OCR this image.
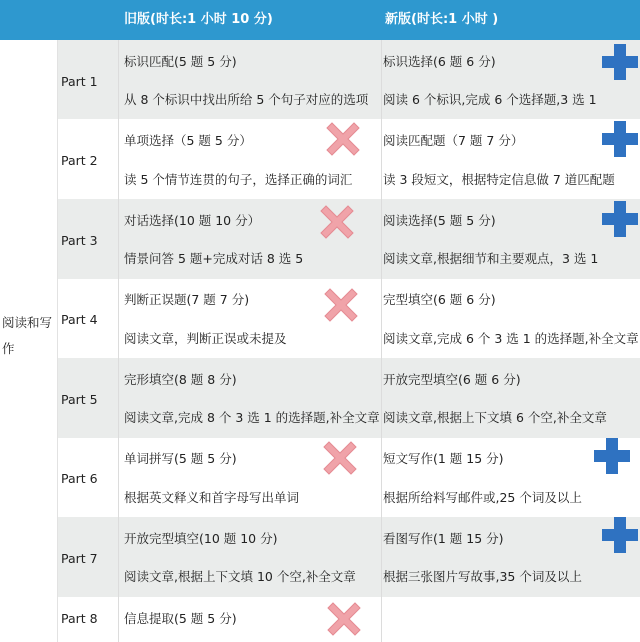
旧版(时长:1 小时 10 分)	新版(时长:1 小时 )
阅读和写作
Part 1
标识匹配(5 题 5 分)
从 8 个标识中找出所给 5 个句子对应的选项
标识选择(6 题 6 分)
阅读 6 个标识,完成 6 个选择题,3 选 1
Part 2
单项选择（5 题 5 分）
读 5 个情节连贯的句子，选择正确的词汇
阅读匹配题（7 题 7 分）
读 3 段短文，根据特定信息做 7 道匹配题
Part 3
对话选择(10 题 10 分）
情景问答 5 题+完成对话 8 选 5
阅读选择(5 题 5 分)
阅读文章,根据细节和主要观点，3 选 1
Part 4
判断正误题(7 题 7 分)
阅读文章，判断正误或未提及
完型填空(6 题 6 分)
阅读文章,完成 6 个 3 选 1 的选择题,补全文章
Part 5
完形填空(8 题 8 分)
阅读文章,完成 8 个 3 选 1 的选择题,补全文章
开放完型填空(6 题 6 分)
阅读文章,根据上下文填 6 个空,补全文章
Part 6
单词拼写(5 题 5 分)
根据英文释义和首字母写出单词
短文写作(1 题 15 分)
根据所给料写邮件或,25 个词及以上
Part 7
开放完型填空(10 题 10 分)
阅读文章,根据上下文填 10 个空,补全文章
看图写作(1 题 15 分)
根据三张图片写故事,35 个词及以上
Part 8 信息提取(5 题 5 分)
